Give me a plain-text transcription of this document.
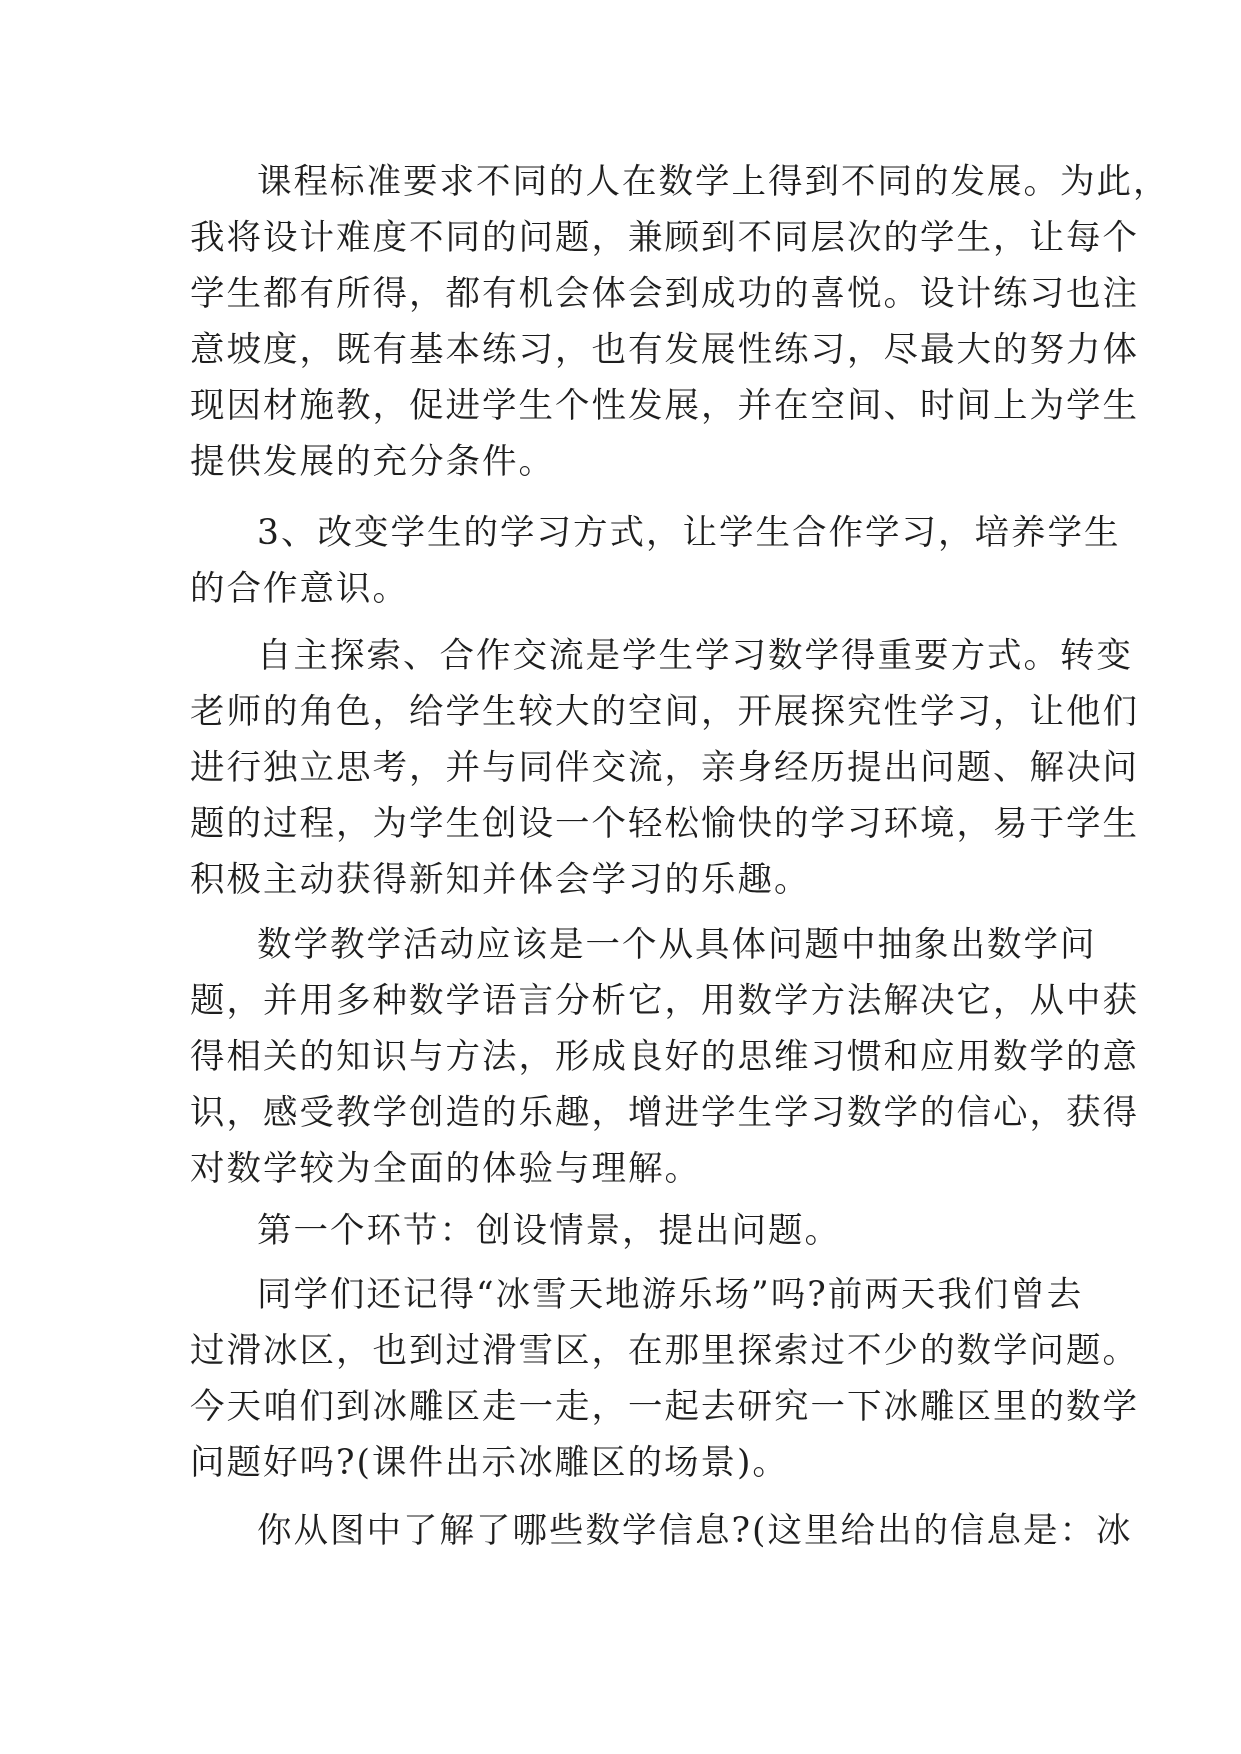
课程标准要求不同的人在数学上得到不同的发展。为此，

我将设计难度不同的问题，兼顾到不同层次的学生，让每个

学生都有所得，都有机会体会到成功的喜悦。设计练习也注

意坡度，既有基本练习，也有发展性练习，尽最大的努力体

现因材施教，促进学生个性发展，并在空间、时间上为学生

提供发展的充分条件。

3、改变学生的学习方式，让学生合作学习，培养学生

的合作意识。

自主探索、合作交流是学生学习数学得重要方式。转变

老师的角色，给学生较大的空间，开展探究性学习，让他们

进行独立思考，并与同伴交流，亲身经历提出问题、解决问

题的过程，为学生创设一个轻松愉快的学习环境，易于学生

积极主动获得新知并体会学习的乐趣。

数学教学活动应该是一个从具体问题中抽象出数学问

题，并用多种数学语言分析它，用数学方法解决它，从中获

得相关的知识与方法，形成良好的思维习惯和应用数学的意

识，感受教学创造的乐趣，增进学生学习数学的信心，获得

对数学较为全面的体验与理解。

第一个环节：创设情景，提出问题。

同学们还记得“冰雪天地游乐场”吗?前两天我们曾去

过滑冰区，也到过滑雪区，在那里探索过不少的数学问题。

今天咱们到冰雕区走一走，一起去研究一下冰雕区里的数学

问题好吗?(课件出示冰雕区的场景)。

你从图中了解了哪些数学信息?(这里给出的信息是：冰
